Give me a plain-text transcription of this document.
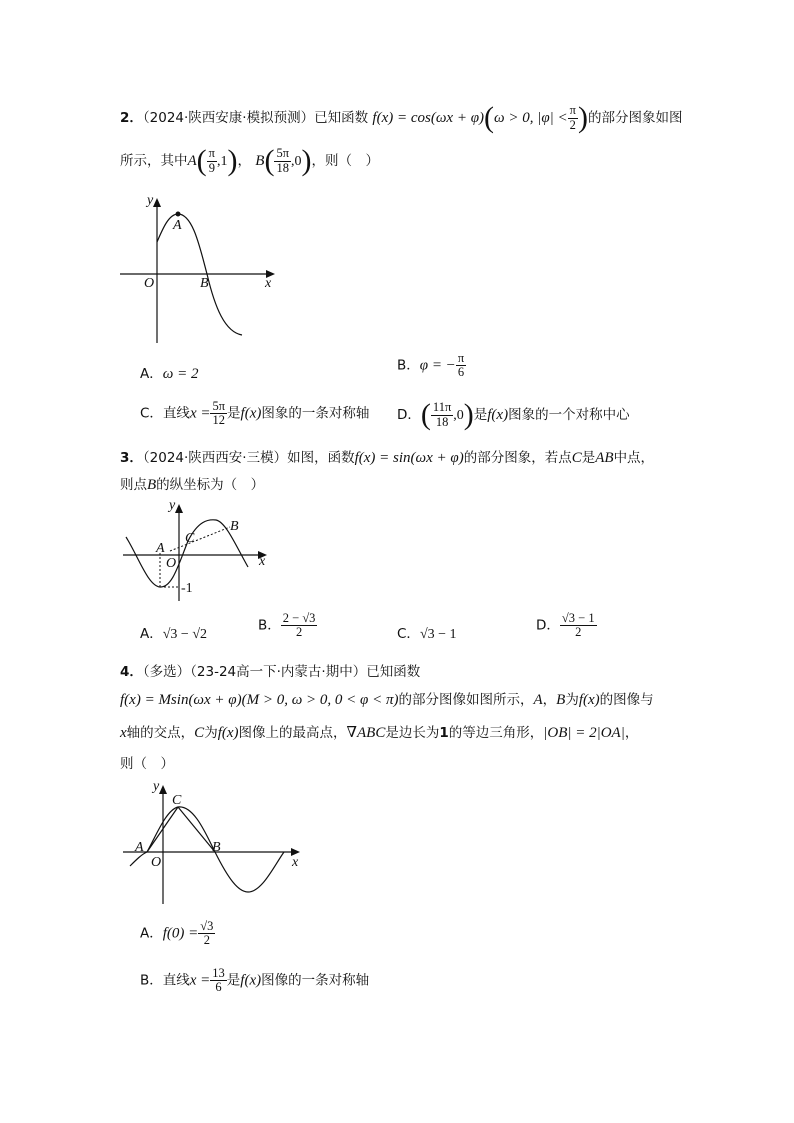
2．（2024·陕西安康·模拟预测）已知函数 f(x) = cos(ωx + φ)(ω > 0, $|\varphi| < \frac{\pi}{2}$ )的部分图象如图
所示，其中$A( \frac{\pi}{9} ,1)$， $B( \frac{5\pi}{18} ,0)$，则（　）
y
A
O	B	x
A．ω = 2
B．φ = − $\frac{\pi}{6}$
C．直线$x = \frac{5\pi}{12}$ 是f(x)图象的一条对称轴 D．( $\frac{11\pi}{18} ,0$)是f(x)图象的一个对称中心
3．（2024·陕西西安·三模）如图，函数f(x) = sin(ωx + φ)的部分图象，若点C是AB中点，
则点B的纵坐标为（　）
B
y
C
A
O	x
-1
A．√3 − √2
B． $\frac{2 - √3}{2}$	C．√3 − 1
D． $\frac{√3 - 1}{2}$
4．（多选）（23-24高一下·内蒙古·期中）已知函数
f(x) = Msin(ωx + φ)(M > 0, ω > 0, 0 < φ < π)的部分图像如图所示，A，B为f(x)的图像与
x轴的交点，C为f(x)图像上的最高点，∇ABC是边长为1的等边三角形，|OB| = 2|OA|，
则（　）
y
C
A
O
B
x
A．$f(0) = \frac{√3}{2}$
B．直线$x = \frac{13}{6}$ 是f(x)图像的一条对称轴
